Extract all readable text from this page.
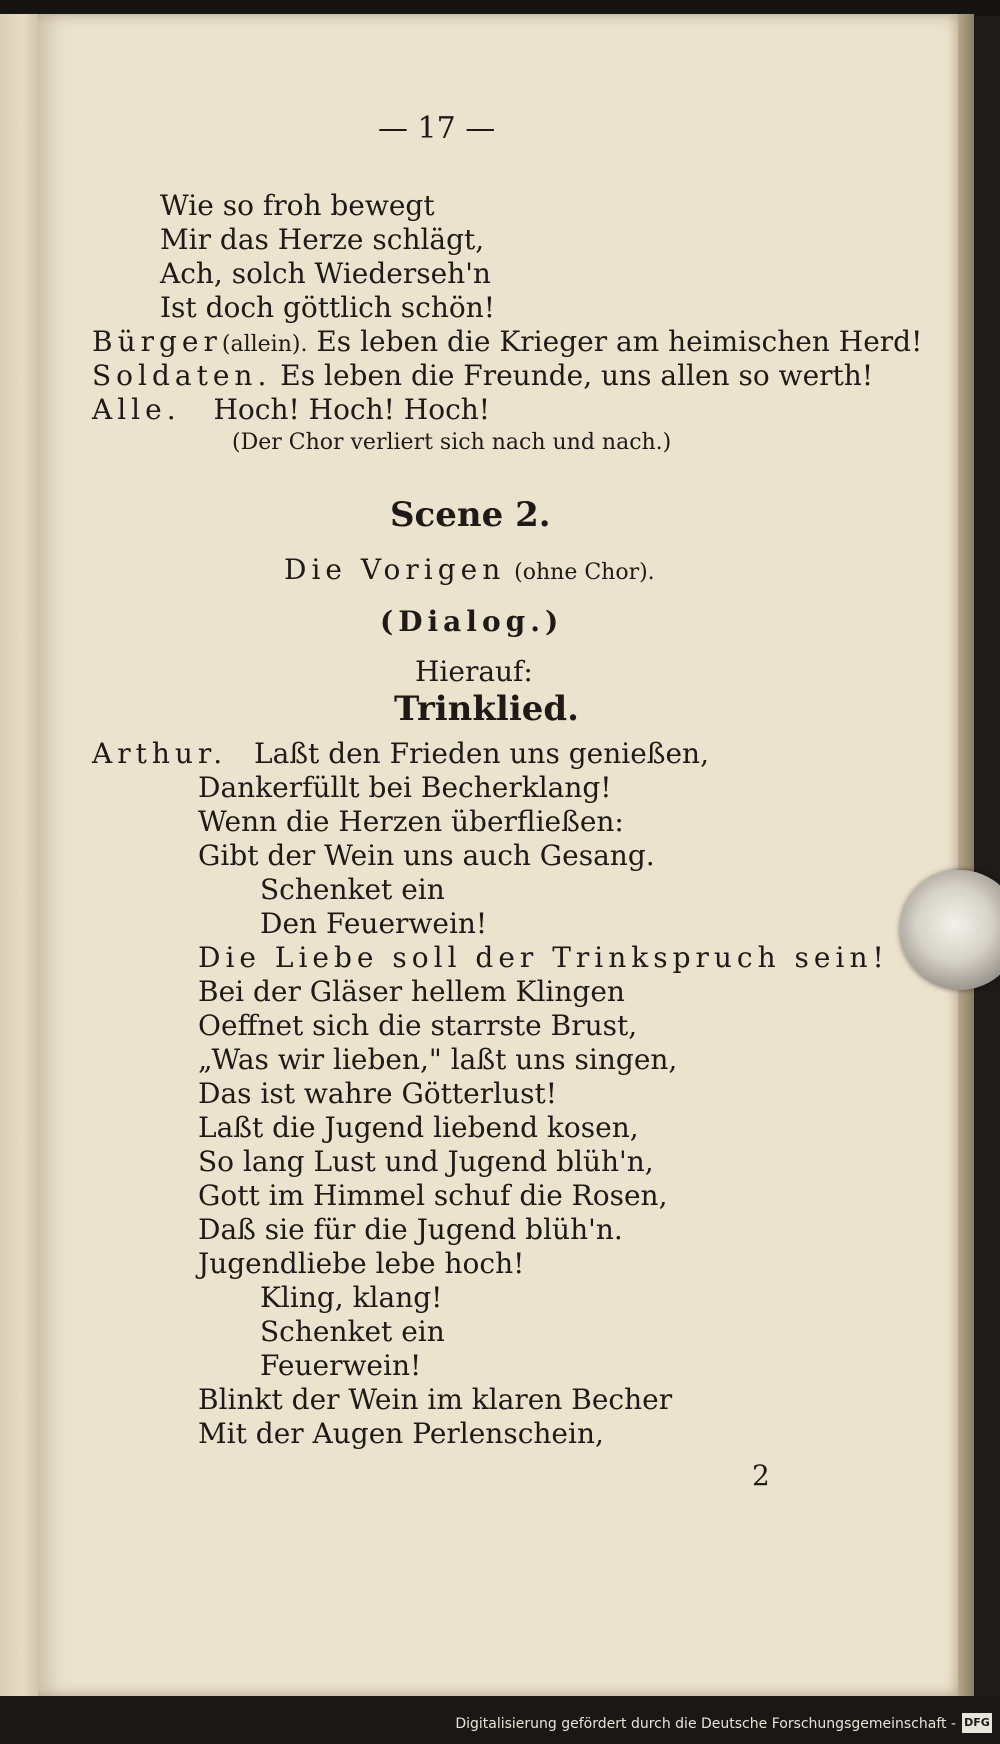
— 17 —
Wie so froh bewegt
Mir das Herze schlägt,
Ach, solch Wiederseh'n
Ist doch göttlich schön!
Bürger(allein). Es leben die Krieger am heimischen Herd!
Soldaten. Es leben die Freunde, uns allen so werth!
Alle. Hoch! Hoch! Hoch!
(Der Chor verliert sich nach und nach.)
Scene 2.
Die Vorigen (ohne Chor).
(Dialog.)
Hierauf:
Trinklied.
Arthur. Laßt den Frieden uns genießen,
Dankerfüllt bei Becherklang!
Wenn die Herzen überfließen:
Gibt der Wein uns auch Gesang.
Schenket ein
Den Feuerwein!
Die Liebe soll der Trinkspruch sein!
Bei der Gläser hellem Klingen
Oeffnet sich die starrste Brust,
„Was wir lieben," laßt uns singen,
Das ist wahre Götterlust!
Laßt die Jugend liebend kosen,
So lang Lust und Jugend blüh'n,
Gott im Himmel schuf die Rosen,
Daß sie für die Jugend blüh'n.
Jugendliebe lebe hoch!
Kling, klang!
Schenket ein
Feuerwein!
Blinkt der Wein im klaren Becher
Mit der Augen Perlenschein,
2
Digitalisierung gefördert durch die Deutsche Forschungsgemeinschaft - DFG
